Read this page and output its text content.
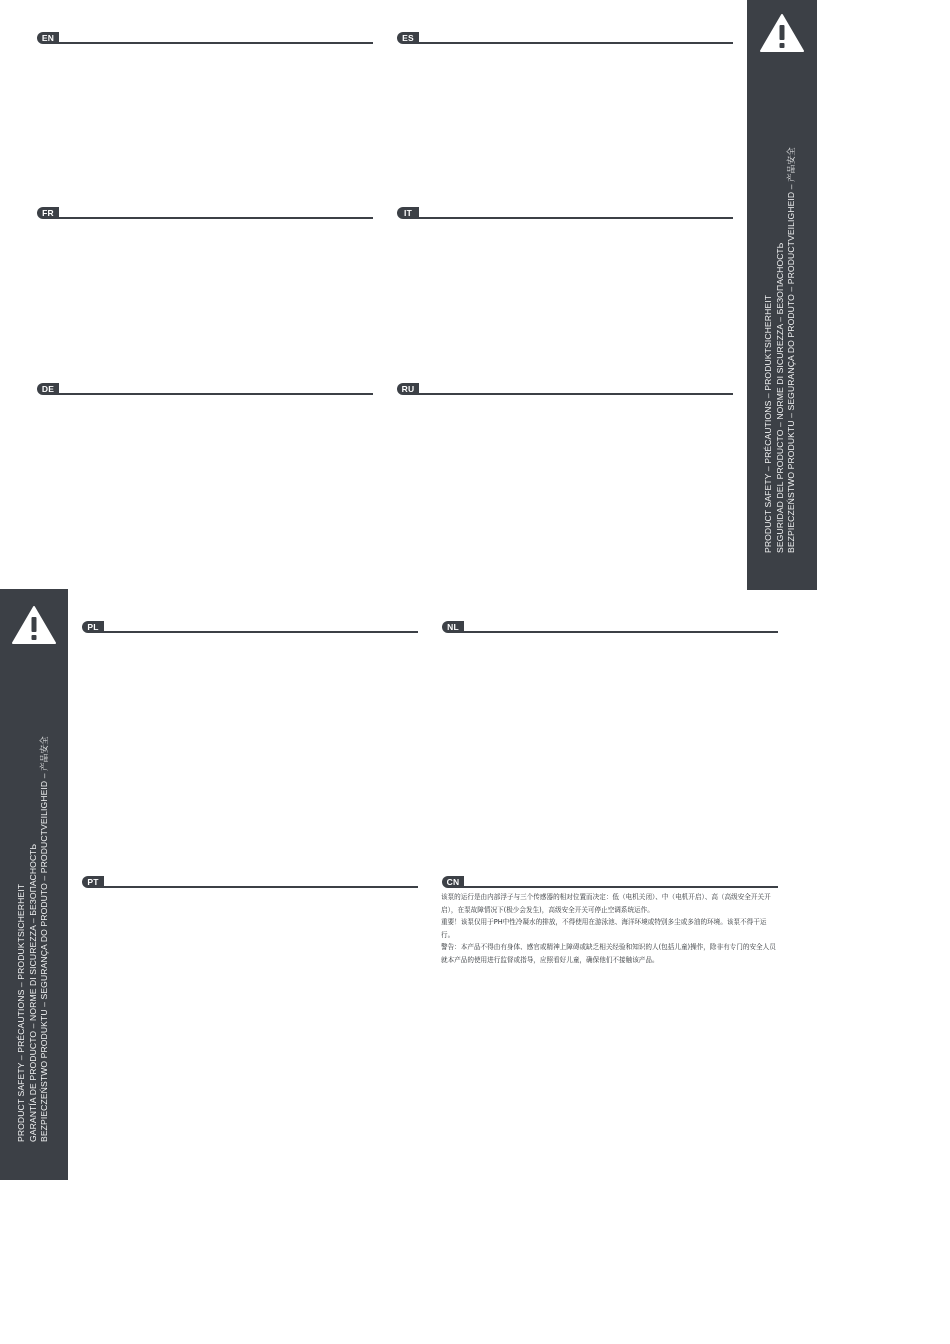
EN	ES
FR	IT
DE	RU	PRODUCT SAFETY – PRÉCAUTIONS – PRODUKTSICHERHEIT SEGURIDAD DEL PRODUCTO – NORME DI SICUREZZA – БЕЗОПАСНОСТЬ BEZPIECZEŃSTWO PRODUKTU – SEGURANÇA DO PRODUTO – PRODUCTVEILIGHEID – 产品安全
PRODUCT SAFETY – PRÉCAUTIONS – PRODUKTSICHERHEIT GARANTÍA DE PRODUCTO – NORME DI SICUREZZA – БЕЗОПАСНОСТЬ BEZPIECZEŃSTWO PRODUKTU – SEGURANÇA DO PRODUTO – PRODUCTVEILIGHEID – 产品安全
PL	NL
PT	CN

该泵的运行是由内部浮子与三个传感器的相对位置而决定：低（电机关闭）、中（电机开启）、高（高级安全开关开启），在泵故障情况下(极少会发生)，高级安全开关可停止空调系统运作。

重要！该泵仅用于PH中性冷凝水的排放，不得使用在游泳池、海洋环境或特别多尘或多油的环境。该泵不得干运行。

警告：本产品不得由有身体、感官或精神上障碍或缺乏相关经验和知识的人(包括儿童)操作，除非有专门的安全人员就本产品的使用进行监督或指导，应照看好儿童，确保他们不接触该产品。
